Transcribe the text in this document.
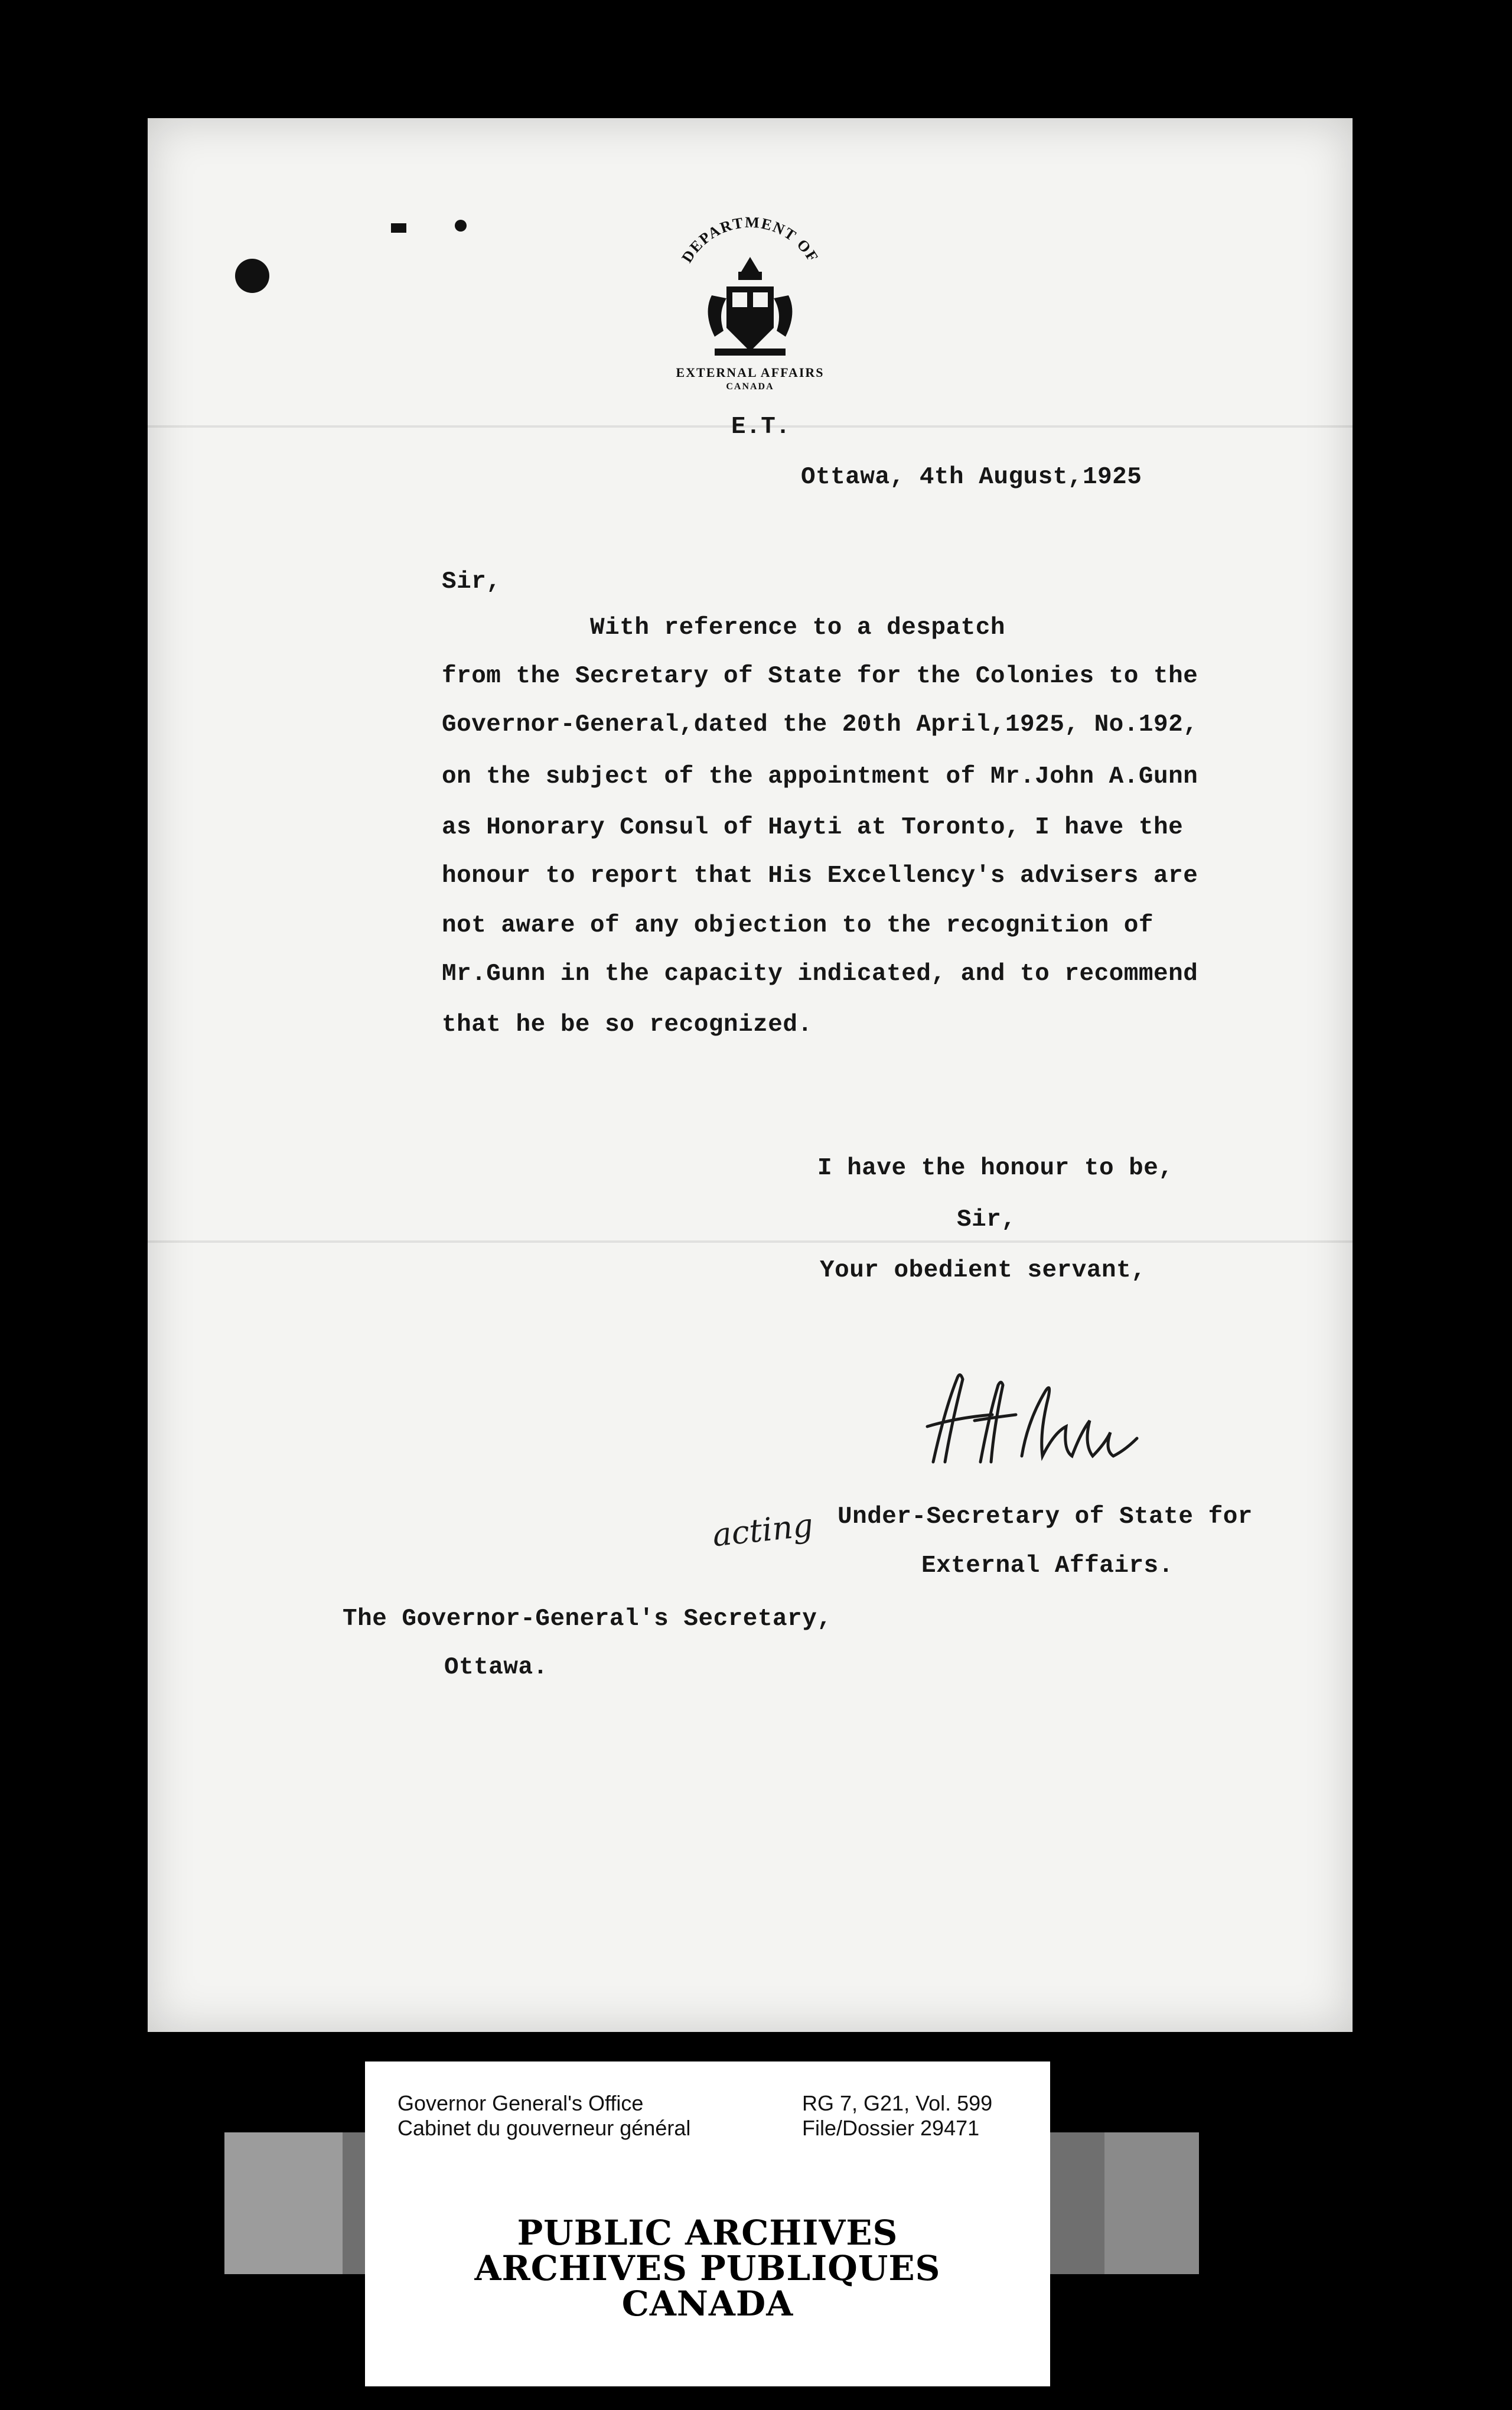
DEPARTMENT OF
EXTERNAL AFFAIRS
CANADA
E.T.
Ottawa, 4th August,1925
Sir,
With reference to a despatch
from the Secretary of State for the Colonies to the
Governor-General,dated the 20th April,1925, No.192,
on the subject of the appointment of Mr.John A.Gunn
as Honorary Consul of Hayti at Toronto, I have the
honour to report that His Excellency's advisers are
not aware of any objection to the recognition of
Mr.Gunn in the capacity indicated, and to recommend
that he be so recognized.
I have the honour to be,
Sir,
Your obedient servant,
acting Under-Secretary of State for
External Affairs.
The Governor-General's Secretary,
Ottawa.
Governor General's Office
Cabinet du gouverneur général
RG 7, G21, Vol. 599
File/Dossier 29471
PUBLIC ARCHIVES
ARCHIVES PUBLIQUES
CANADA
